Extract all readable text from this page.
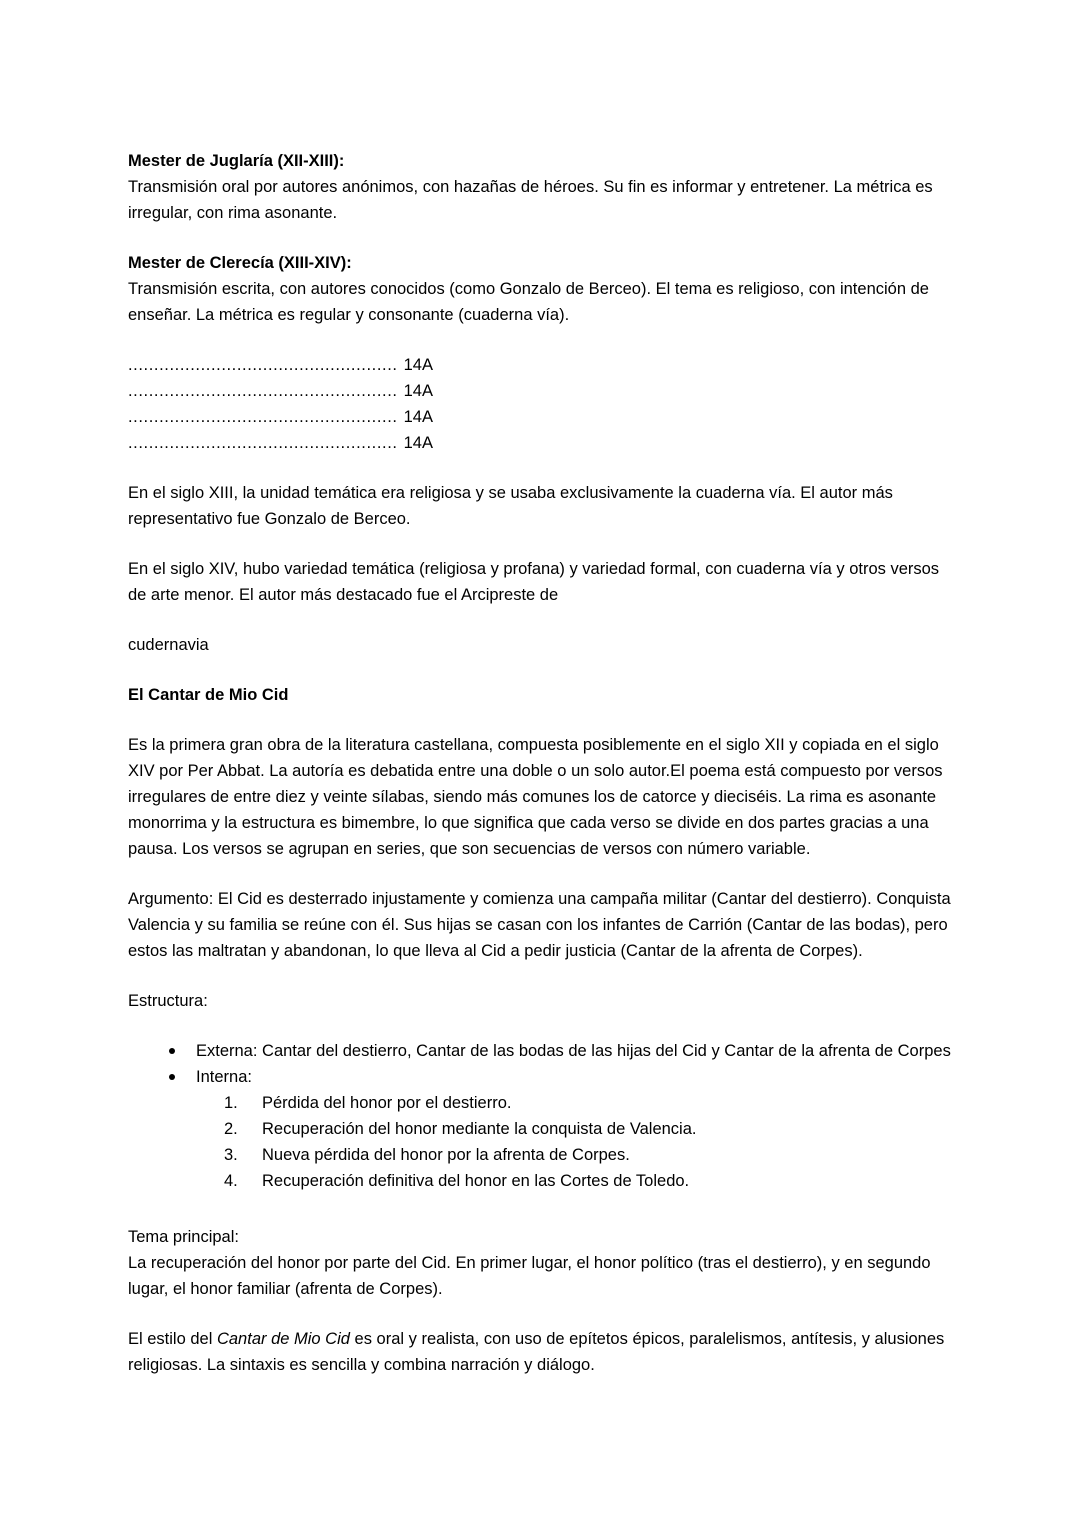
Mester de Juglaría (XII-XIII):

Transmisión oral por autores anónimos, con hazañas de héroes. Su fin es informar y entretener. La métrica es irregular, con rima asonante.

Mester de Clerecía (XIII-XIV):

Transmisión escrita, con autores conocidos (como Gonzalo de Berceo). El tema es religioso, con intención de enseñar. La métrica es regular y consonante (cuaderna vía).

.................................................... 14A
.................................................... 14A
.................................................... 14A
.................................................... 14A

En el siglo XIII, la unidad temática era religiosa y se usaba exclusivamente la cuaderna vía. El autor más representativo fue Gonzalo de Berceo.

En el siglo XIV, hubo variedad temática (religiosa y profana) y variedad formal, con cuaderna vía y otros versos de arte menor. El autor más destacado fue el Arcipreste de

cudernavia

El Cantar de Mio Cid

Es la primera gran obra de la literatura castellana, compuesta posiblemente en el siglo XII y copiada en el siglo XIV por Per Abbat. La autoría es debatida entre una doble o un solo autor.El poema está compuesto por versos irregulares de entre diez y veinte sílabas, siendo más comunes los de catorce y dieciséis. La rima es asonante monorrima y la estructura es bimembre, lo que significa que cada verso se divide en dos partes gracias a una pausa. Los versos se agrupan en series, que son secuencias de versos con número variable.

Argumento: El Cid es desterrado injustamente y comienza una campaña militar (Cantar del destierro). Conquista Valencia y su familia se reúne con él. Sus hijas se casan con los infantes de Carrión (Cantar de las bodas), pero estos las maltratan y abandonan, lo que lleva al Cid a pedir justicia (Cantar de la afrenta de Corpes).

Estructura:

Externa: Cantar del destierro, Cantar de las bodas de las hijas del Cid y Cantar de la afrenta de Corpes
Interna:
1.	Pérdida del honor por el destierro.
2.	Recuperación del honor mediante la conquista de Valencia.
3.	Nueva pérdida del honor por la afrenta de Corpes.
4.	Recuperación definitiva del honor en las Cortes de Toledo.

Tema principal:

La recuperación del honor por parte del Cid. En primer lugar, el honor político (tras el destierro), y en segundo lugar, el honor familiar (afrenta de Corpes).

El estilo del Cantar de Mio Cid es oral y realista, con uso de epítetos épicos, paralelismos, antítesis, y alusiones religiosas. La sintaxis es sencilla y combina narración y diálogo.
